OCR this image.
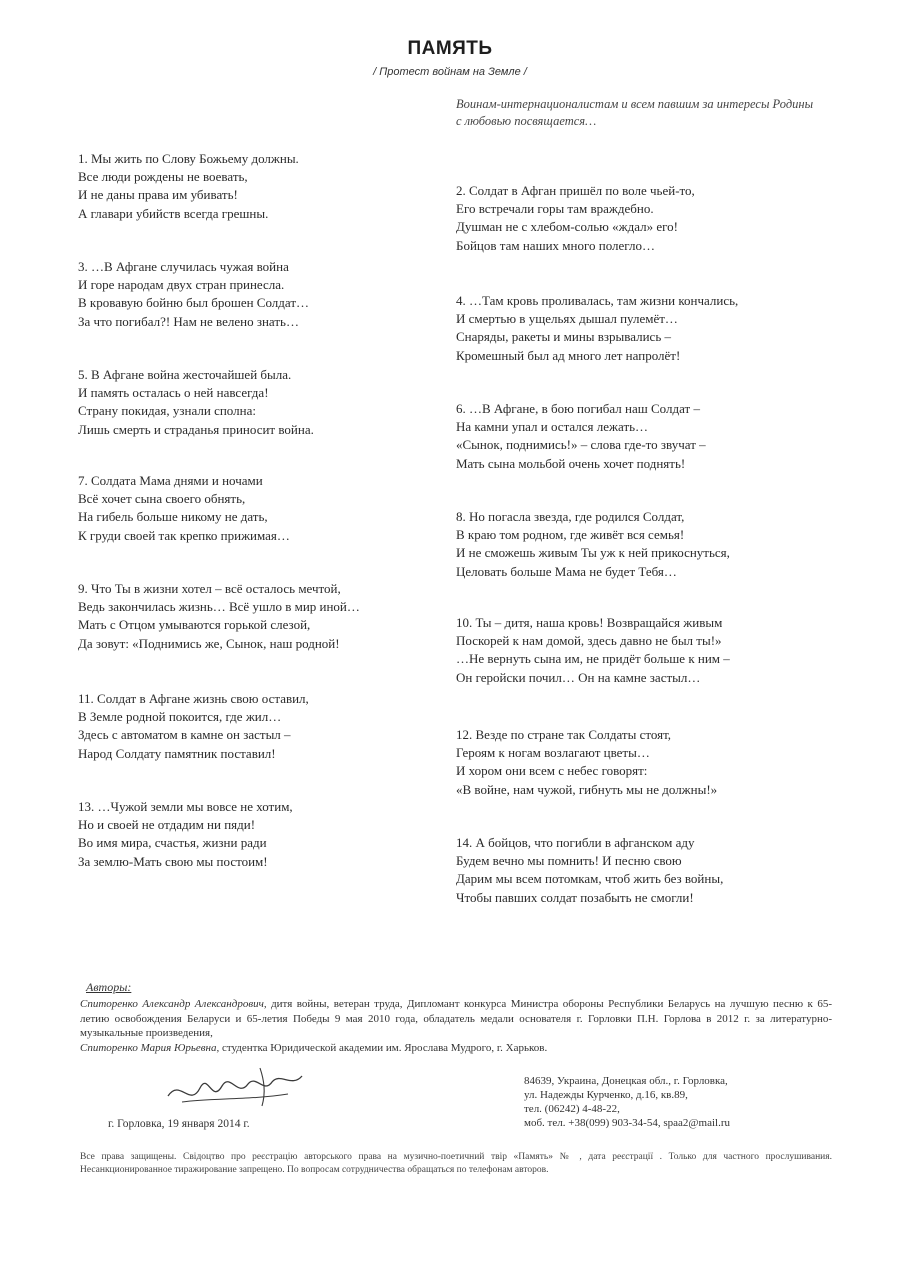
ПАМЯТЬ
/ Протест войнам на Земле /
Воинам-интернационалистам и всем павшим за интересы Родины с любовью посвящается…
1. Мы жить по Слову Божьему должны.
Все люди рождены не воевать,
И не даны права им убивать!
А главари убийств всегда грешны.
3. …В Афгане случилась чужая война
И горе народам двух стран принесла.
В кровавую бойню был брошен Солдат…
За что погибал?! Нам не велено знать…
5. В Афгане война жесточайшей была.
И память осталась о ней навсегда!
Страну покидая, узнали сполна:
Лишь смерть и страданья приносит война.
7. Солдата Мама днями и ночами
Всё хочет сына своего обнять,
На гибель больше никому не дать,
К груди своей так крепко прижимая…
9. Что Ты в жизни хотел – всё осталось мечтой,
Ведь закончилась жизнь… Всё ушло в мир иной…
Мать с Отцом умываются горькой слезой,
Да зовут: «Поднимись же, Сынок, наш родной!
11. Солдат в Афгане жизнь свою оставил,
В Земле родной покоится, где жил…
Здесь с автоматом в камне он застыл –
Народ Солдату памятник поставил!
13. …Чужой земли мы вовсе не хотим,
Но и своей не отдадим ни пяди!
Во имя мира, счастья, жизни ради
За землю-Мать свою мы постоим!
2. Солдат в Афган пришёл по воле чьей-то,
Его встречали горы там враждебно.
Душман не с хлебом-солью «ждал» его!
Бойцов там наших много полегло…
4. …Там кровь проливалась, там жизни кончались,
И смертью в ущельях дышал пулемёт…
Снаряды, ракеты и мины взрывались –
Кромешный был ад много лет напролёт!
6. …В Афгане, в бою погибал наш Солдат –
На камни упал и остался лежать…
«Сынок, поднимись!» – слова где-то звучат –
Мать сына мольбой очень хочет поднять!
8. Но погасла звезда, где родился Солдат,
В краю том родном, где живёт вся семья!
И не сможешь живым Ты уж к ней прикоснуться,
Целовать больше Мама не будет Тебя…
10. Ты – дитя, наша кровь! Возвращайся живым
Поскорей к нам домой, здесь давно не был ты!»
…Не вернуть сына им, не придёт больше к ним –
Он геройски почил… Он на камне застыл…
12. Везде по стране так Солдаты стоят,
Героям к ногам возлагают цветы…
И хором они всем с небес говорят:
«В войне, нам чужой, гибнуть мы не должны!»
14. А бойцов, что погибли в афганском аду
Будем вечно мы помнить! И песню свою
Дарим мы всем потомкам, чтоб жить без войны,
Чтобы павших солдат позабыть не смогли!
Авторы:
Спиторенко Александр Александрович, дитя войны, ветеран труда, Дипломант конкурса Министра обороны Республики Беларусь на лучшую песню к 65-летию освобождения Беларуси и 65-летия Победы 9 мая 2010 года, обладатель медали основателя г. Горловки П.Н. Горлова в 2012 г. за литературно-музыкальные произведения,
Спиторенко Мария Юрьевна, студентка Юридической академии им. Ярослава Мудрого, г. Харьков.
г. Горловка, 19 января 2014 г.
84639, Украина, Донецкая обл., г. Горловка,
ул. Надежды Курченко, д.16, кв.89,
тел. (06242) 4-48-22,
моб. тел. +38(099) 903-34-54, spaa2@mail.ru
Все права защищены. Свідоцтво про реєстрацію авторського права на музично-поетичний твір «Память» № , дата реєстрації . Только для частного прослушивания. Несанкционированное тиражирование запрещено. По вопросам сотрудничества обращаться по телефонам авторов.
